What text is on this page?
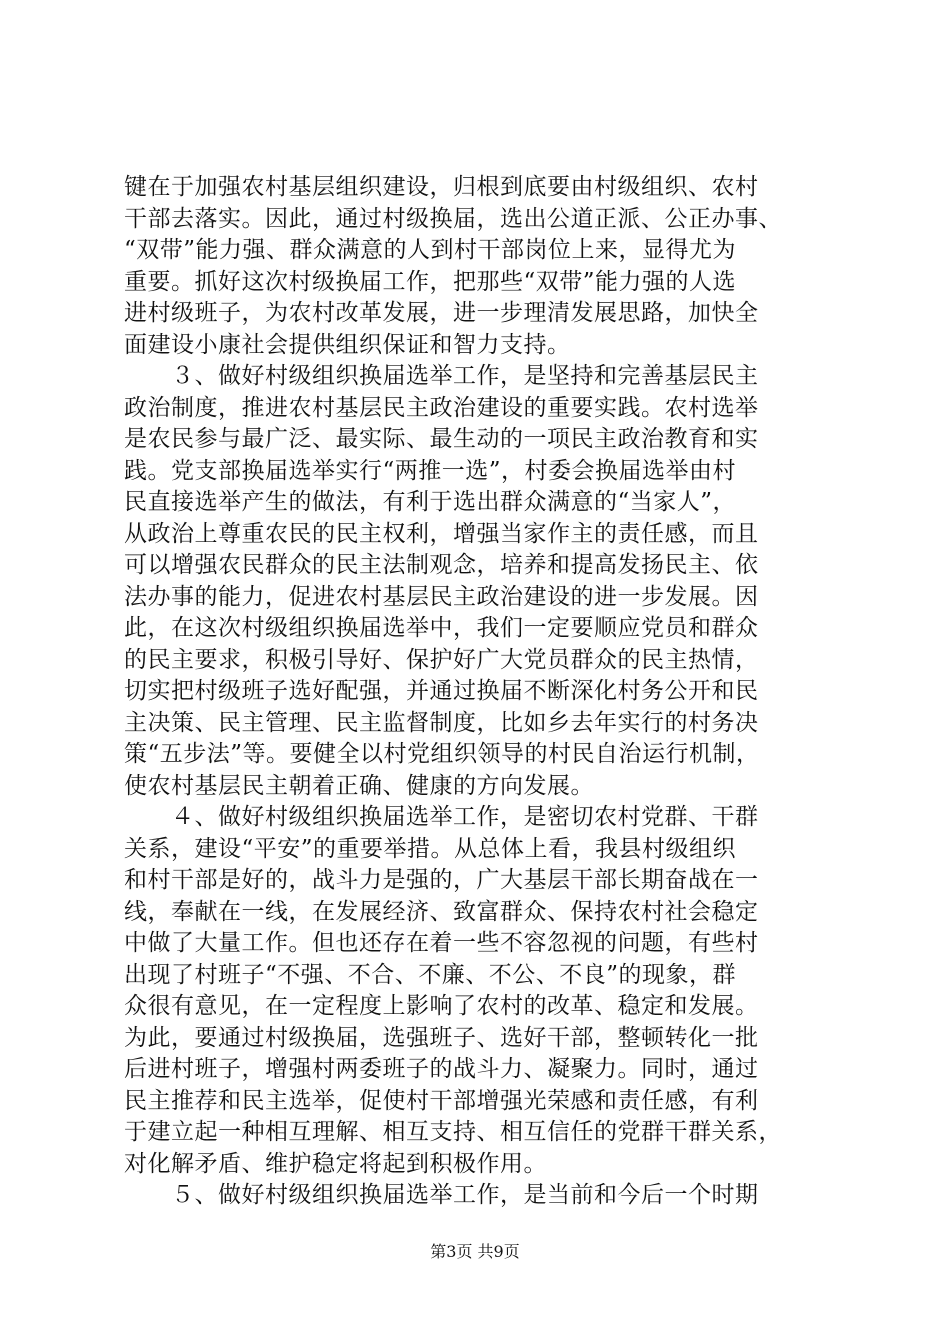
键在于加强农村基层组织建设，归根到底要由村级组织、农村
干部去落实。因此，通过村级换届，选出公道正派、公正办事、
“双带”能力强、群众满意的人到村干部岗位上来，显得尤为
重要。抓好这次村级换届工作，把那些“双带”能力强的人选
进村级班子，为农村改革发展，进一步理清发展思路，加快全
面建设小康社会提供组织保证和智力支持。
　　３、做好村级组织换届选举工作，是坚持和完善基层民主
政治制度，推进农村基层民主政治建设的重要实践。农村选举
是农民参与最广泛、最实际、最生动的一项民主政治教育和实
践。党支部换届选举实行“两推一选”，村委会换届选举由村
民直接选举产生的做法，有利于选出群众满意的“当家人”，
从政治上尊重农民的民主权利，增强当家作主的责任感，而且
可以增强农民群众的民主法制观念，培养和提高发扬民主、依
法办事的能力，促进农村基层民主政治建设的进一步发展。因
此，在这次村级组织换届选举中，我们一定要顺应党员和群众
的民主要求，积极引导好、保护好广大党员群众的民主热情，
切实把村级班子选好配强，并通过换届不断深化村务公开和民
主决策、民主管理、民主监督制度，比如乡去年实行的村务决
策“五步法”等。要健全以村党组织领导的村民自治运行机制，
使农村基层民主朝着正确、健康的方向发展。
　　４、做好村级组织换届选举工作，是密切农村党群、干群
关系，建设“平安”的重要举措。从总体上看，我县村级组织
和村干部是好的，战斗力是强的，广大基层干部长期奋战在一
线，奉献在一线，在发展经济、致富群众、保持农村社会稳定
中做了大量工作。但也还存在着一些不容忽视的问题，有些村
出现了村班子“不强、不合、不廉、不公、不良”的现象，群
众很有意见，在一定程度上影响了农村的改革、稳定和发展。
为此，要通过村级换届，选强班子、选好干部，整顿转化一批
后进村班子，增强村两委班子的战斗力、凝聚力。同时，通过
民主推荐和民主选举，促使村干部增强光荣感和责任感，有利
于建立起一种相互理解、相互支持、相互信任的党群干群关系，
对化解矛盾、维护稳定将起到积极作用。
　　５、做好村级组织换届选举工作，是当前和今后一个时期
第3页 共9页
